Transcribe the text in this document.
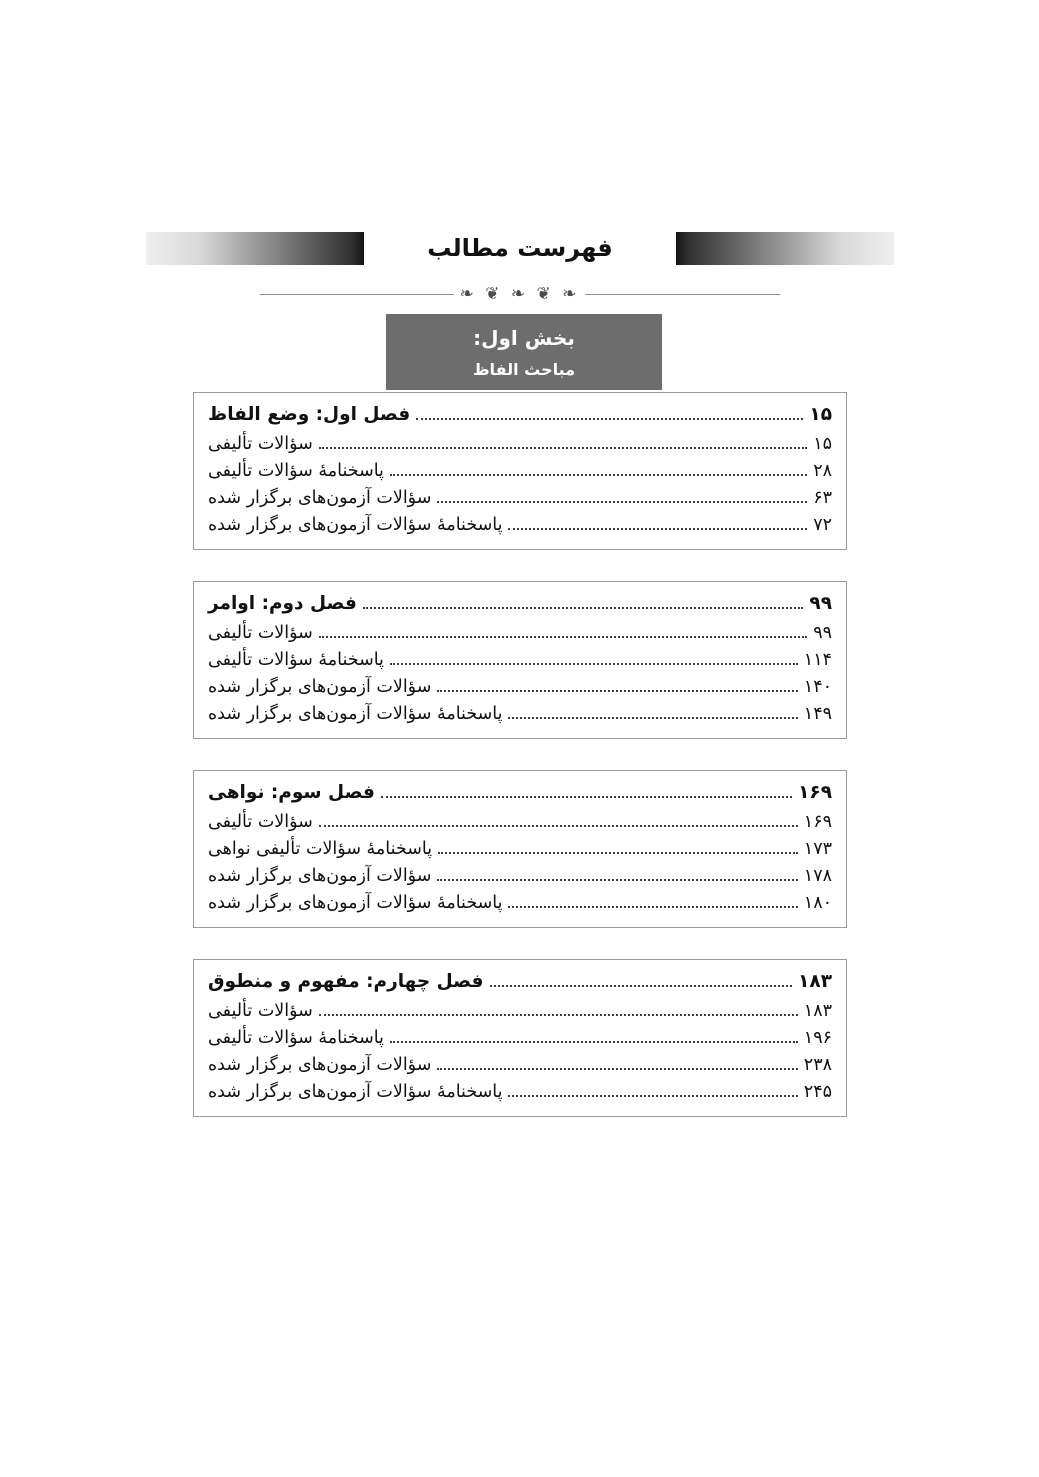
فهرست مطالب
❧ ❦ ❧ ❦ ❧
بخش اول:
مباحث الفاظ
فصل اول: وضع الفاظ	۱۵
سؤالات تألیفی	۱۵
پاسخنامۀ سؤالات تألیفی	۲۸
سؤالات آزمون‌های برگزار شده	۶۳
پاسخنامۀ سؤالات آزمون‌های برگزار شده	۷۲
فصل دوم: اوامر	۹۹
سؤالات تألیفی	۹۹
پاسخنامۀ سؤالات تألیفی	۱۱۴
سؤالات آزمون‌های برگزار شده	۱۴۰
پاسخنامۀ سؤالات آزمون‌های برگزار شده	۱۴۹
فصل سوم: نواهی	۱۶۹
سؤالات تألیفی	۱۶۹
پاسخنامۀ سؤالات تألیفی نواهی	۱۷۳
سؤالات آزمون‌های برگزار شده	۱۷۸
پاسخنامۀ سؤالات آزمون‌های برگزار شده	۱۸۰
فصل چهارم: مفهوم و منطوق	۱۸۳
سؤالات تألیفی	۱۸۳
پاسخنامۀ سؤالات تألیفی	۱۹۶
سؤالات آزمون‌های برگزار شده	۲۳۸
پاسخنامۀ سؤالات آزمون‌های برگزار شده	۲۴۵
